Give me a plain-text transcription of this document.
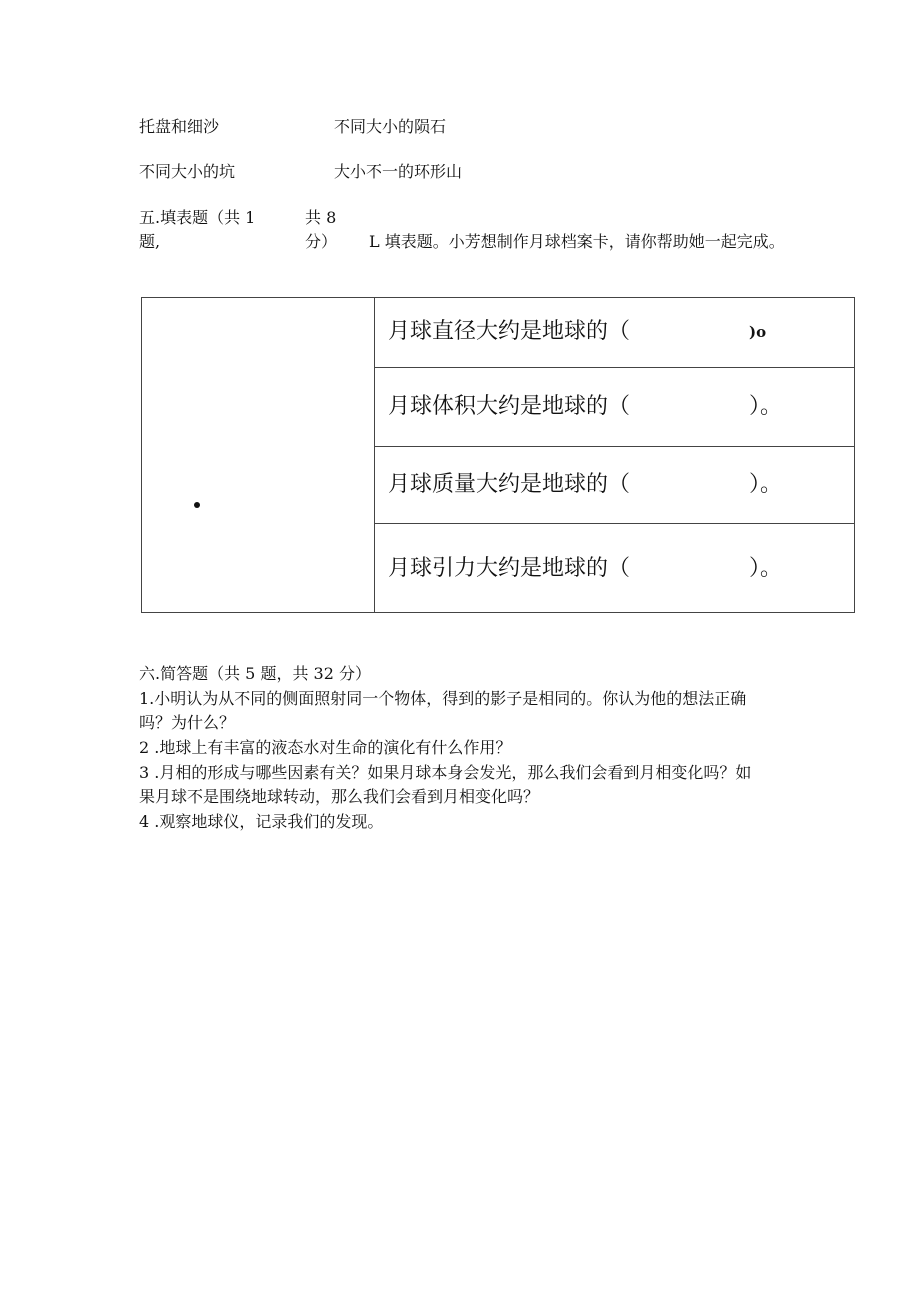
托盘和细沙	不同大小的陨石
不同大小的坑	大小不一的环形山
五.填表题（共 1
题,
共 8
分） L 填表题。小芳想制作月球档案卡，请你帮助她一起完成。
月球直径大约是地球的（	)o
月球体积大约是地球的（	）。
月球质量大约是地球的（	）。
月球引力大约是地球的（	）。
六.简答题（共 5 题，共 32 分）
1.小明认为从不同的侧面照射同一个物体，得到的影子是相同的。你认为他的想法正确
吗？为什么？
2 .地球上有丰富的液态水对生命的演化有什么作用？
3 .月相的形成与哪些因素有关？如果月球本身会发光，那么我们会看到月相变化吗？如
果月球不是围绕地球转动，那么我们会看到月相变化吗？
4 .观察地球仪，记录我们的发现。
